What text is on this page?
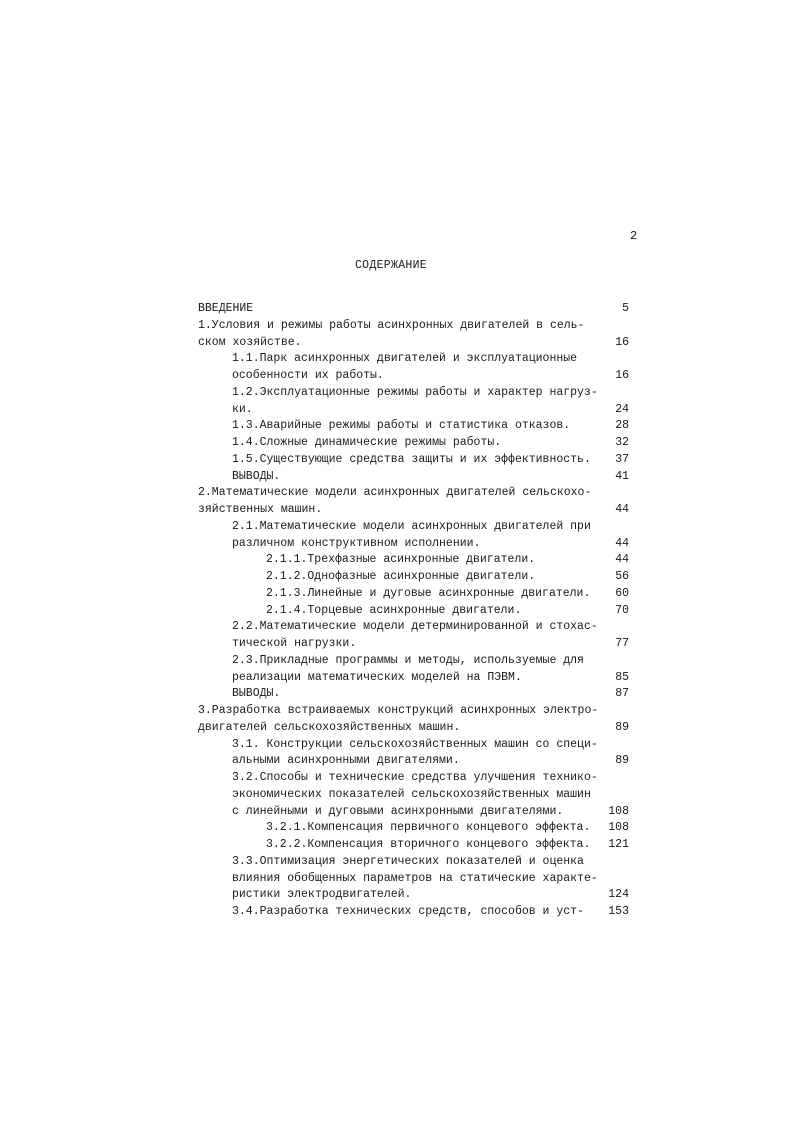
2
СОДЕРЖАНИЕ
ВВЕДЕНИЕ	5
1.Условия и режимы работы асинхронных двигателей в сель-
ском хозяйстве.	16
1.1.Парк асинхронных двигателей и эксплуатационные
особенности их работы.	16
1.2.Эксплуатационные режимы работы и характер нагруз-
ки.	24
1.3.Аварийные режимы работы и статистика отказов.	28
1.4.Сложные динамические режимы работы.	32
1.5.Существующие средства защиты и их эффективность. 37
ВЫВОДЫ.	41
2.Математические модели асинхронных двигателей сельскохо-
зяйственных машин.	44
2.1.Математические модели асинхронных двигателей при
различном конструктивном исполнении.	44
2.1.1.Трехфазные асинхронные двигатели.	44
2.1.2.Однофазные асинхронные двигатели.	56
2.1.3.Линейные и дуговые асинхронные двигатели. 60
2.1.4.Торцевые асинхронные двигатели.	70
2.2.Математические модели детерминированной и стохас-
тической нагрузки.	77
2.3.Прикладные программы и методы, используемые для
реализации математических моделей на ПЭВМ.	85
ВЫВОДЫ.	87
3.Разработка встраиваемых конструкций асинхронных электро-
двигателей сельскохозяйственных машин.	89
3.1. Конструкции сельскохозяйственных машин со специ-
альными асинхронными двигателями.	89
3.2.Способы и технические средства улучшения технико-
экономических показателей сельскохозяйственных машин
с линейными и дуговыми асинхронными двигателями.	108
3.2.1.Компенсация первичного концевого эффекта. 108
3.2.2.Компенсация вторичного концевого эффекта. 121
3.3.Оптимизация энергетических показателей и оценка
влияния обобщенных параметров на статические характе-
ристики электродвигателей.	124
3.4.Разработка технических средств, способов и уст- 153
